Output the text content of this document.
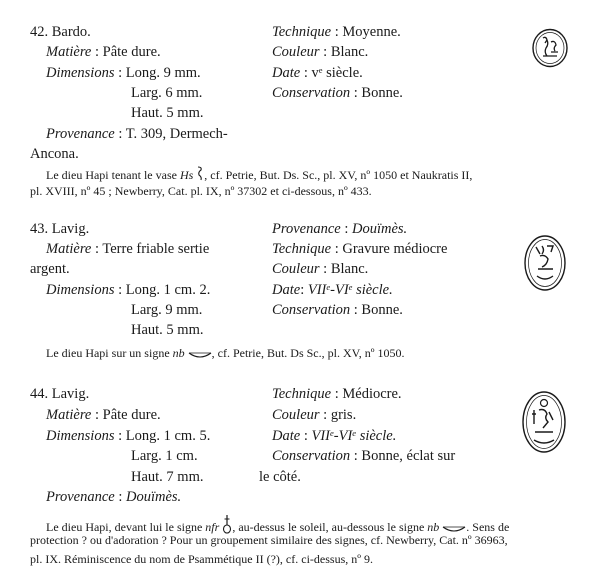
42. Bardo.
Matière : Pâte dure.
Dimensions : Long. 9 mm.
Larg. 6 mm.
Haut. 5 mm.
Provenance : T. 309, Dermech-
Ancona.
Technique : Moyenne.
Couleur : Blanc.
Date : $v^e$ siècle.
Conservation : Bonne.
Le dieu Hapi tenant le vase Hs , cf. Petrie, But. Ds. Sc., pl. XV, nº 1050 et Naukratis II,
pl. XVIII, nº 45 ; Newberry, Cat. pl. IX, nº 37302 et ci-dessous, nº 433.
43. Lavig.
Matière : Terre friable sertie
argent.
Dimensions : Long. 1 cm. 2.
Larg. 9 mm.
Haut. 5 mm.
Provenance : Douïmès.
Technique : Gravure médiocre
Couleur : Blanc.
Date: VIIe-VIe siècle.
Conservation : Bonne.
Le dieu Hapi sur un signe nb , cf. Petrie, But. Ds Sc., pl. XV, nº 1050.
44. Lavig.
Matière : Pâte dure.
Dimensions : Long. 1 cm. 5.
Larg. 1 cm.
Haut. 7 mm.
Provenance : Douïmès.
Technique : Médiocre.
Couleur : gris.
Date : VIIe-VIe siècle.
Conservation : Bonne, éclat sur
le côté.
Le dieu Hapi, devant lui le signe nfr , au-dessus le soleil, au-dessous le signe nb . Sens de
protection ? ou d'adoration ? Pour un groupement similaire des signes, cf. Newberry, Cat. nº 36963,
pl. IX. Réminiscence du nom de Psammétique II (?), cf. ci-dessus, nº 9.
